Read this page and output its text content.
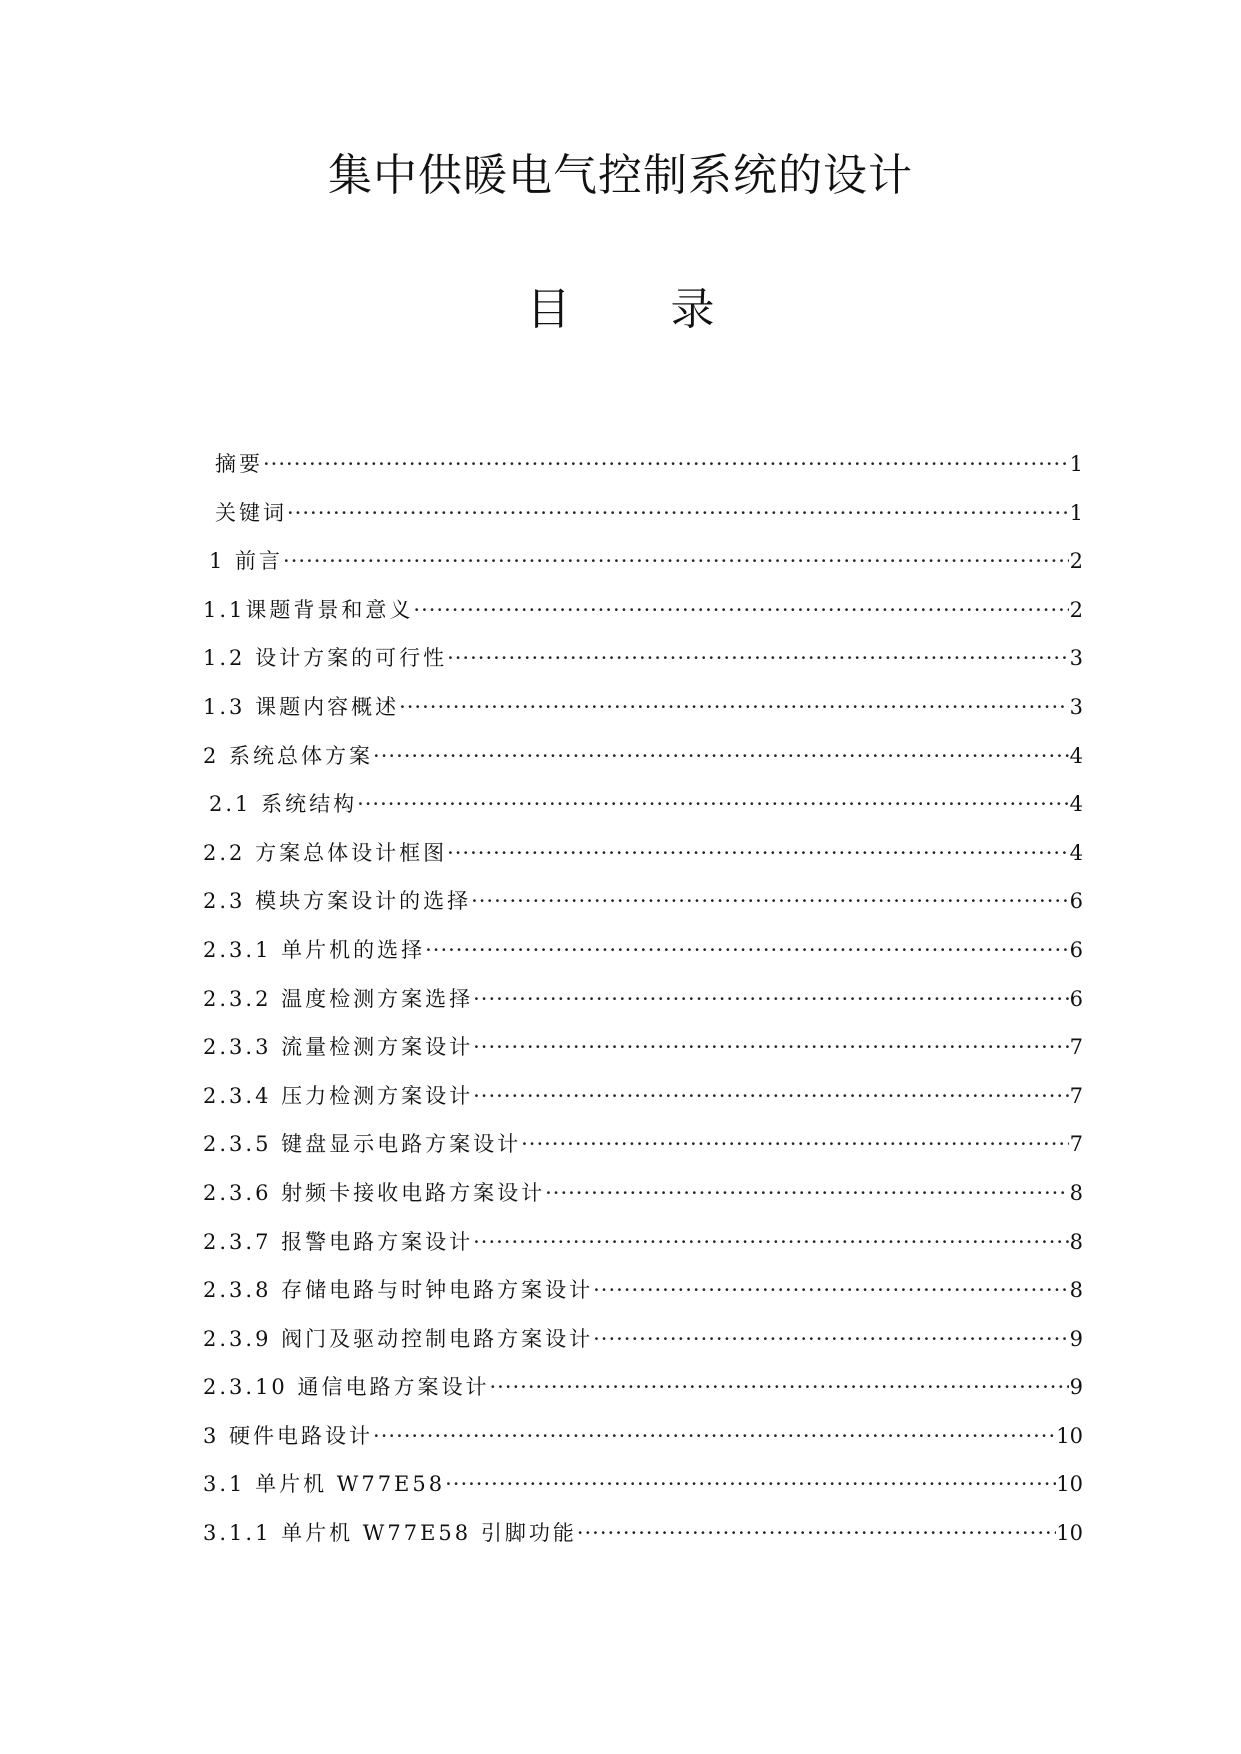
集中供暖电气控制系统的设计
目 录
摘要 ·····	1
关键词 ·····	1
1 前言 ·····	2
1.1课题背景和意义 ·····	2
1.2 设计方案的可行性 ·····	3
1.3 课题内容概述 ·····	3
2 系统总体方案 ·····	4
2.1 系统结构 ·····	4
2.2 方案总体设计框图 ·····	4
2.3 模块方案设计的选择 ·····	6
2.3.1 单片机的选择 ·····	6
2.3.2 温度检测方案选择 ·····	6
2.3.3 流量检测方案设计 ·····	7
2.3.4 压力检测方案设计 ·····	7
2.3.5 键盘显示电路方案设计 ·····	7
2.3.6 射频卡接收电路方案设计 ·····	8
2.3.7 报警电路方案设计 ·····	8
2.3.8 存储电路与时钟电路方案设计 ·····	8
2.3.9 阀门及驱动控制电路方案设计 ·····	9
2.3.10 通信电路方案设计 ·····	9
3 硬件电路设计 ·····	10
3.1 单片机 W77E58 ·····	10
3.1.1 单片机 W77E58 引脚功能 ·····	10
